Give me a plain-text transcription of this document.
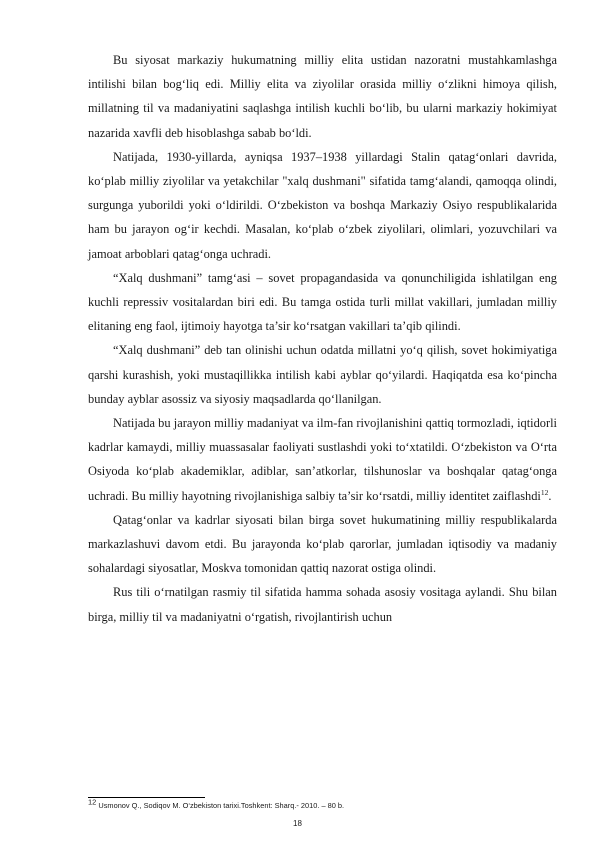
Bu siyosat markaziy hukumatning milliy elita ustidan nazoratni mustahkamlashga intilishi bilan bog‘liq edi. Milliy elita va ziyolilar orasida milliy o‘zlikni himoya qilish, millatning til va madaniyatini saqlashga intilish kuchli bo‘lib, bu ularni markaziy hokimiyat nazarida xavfli deb hisoblashga sabab bo‘ldi.

Natijada, 1930-yillarda, ayniqsa 1937–1938 yillardagi Stalin qatag‘onlari davrida, ko‘plab milliy ziyolilar va yetakchilar "xalq dushmani" sifatida tamg‘alandi, qamoqqa olindi, surgunga yuborildi yoki o‘ldirildi. O‘zbekiston va boshqa Markaziy Osiyo respublikalarida ham bu jarayon og‘ir kechdi. Masalan, ko‘plab o‘zbek ziyolilari, olimlari, yozuvchilari va jamoat arboblari qatag‘onga uchradi.

“Xalq dushmani” tamg‘asi – sovet propagandasida va qonunchiligida ishlatilgan eng kuchli repressiv vositalardan biri edi. Bu tamga ostida turli millat vakillari, jumladan milliy elitaning eng faol, ijtimoiy hayotga ta’sir ko‘rsatgan vakillari ta’qib qilindi.

“Xalq dushmani” deb tan olinishi uchun odatda millatni yo‘q qilish, sovet hokimiyatiga qarshi kurashish, yoki mustaqillikka intilish kabi ayblar qo‘yilardi. Haqiqatda esa ko‘pincha bunday ayblar asossiz va siyosiy maqsadlarda qo‘llanilgan.

Natijada bu jarayon milliy madaniyat va ilm-fan rivojlanishini qattiq tormozladi, iqtidorli kadrlar kamaydi, milliy muassasalar faoliyati sustlashdi yoki to‘xtatildi. O‘zbekiston va O‘rta Osiyoda ko‘plab akademiklar, adiblar, san’atkorlar, tilshunoslar va boshqalar qatag‘onga uchradi. Bu milliy hayotning rivojlanishiga salbiy ta’sir ko‘rsatdi, milliy identitet zaiflashdi$^{12}$.

Qatag‘onlar va kadrlar siyosati bilan birga sovet hukumatining milliy respublikalarda markazlashuvi davom etdi. Bu jarayonda ko‘plab qarorlar, jumladan iqtisodiy va madaniy sohalardagi siyosatlar, Moskva tomonidan qattiq nazorat ostiga olindi.

Rus tili o‘rnatilgan rasmiy til sifatida hamma sohada asosiy vositaga aylandi. Shu bilan birga, milliy til va madaniyatni o‘rgatish, rivojlantirish uchun

$^{12}$ Usmonov Q., Sodiqov M. O‘zbekiston tarixi.Toshkent: Sharq.- 2010. – 80 b.

18
